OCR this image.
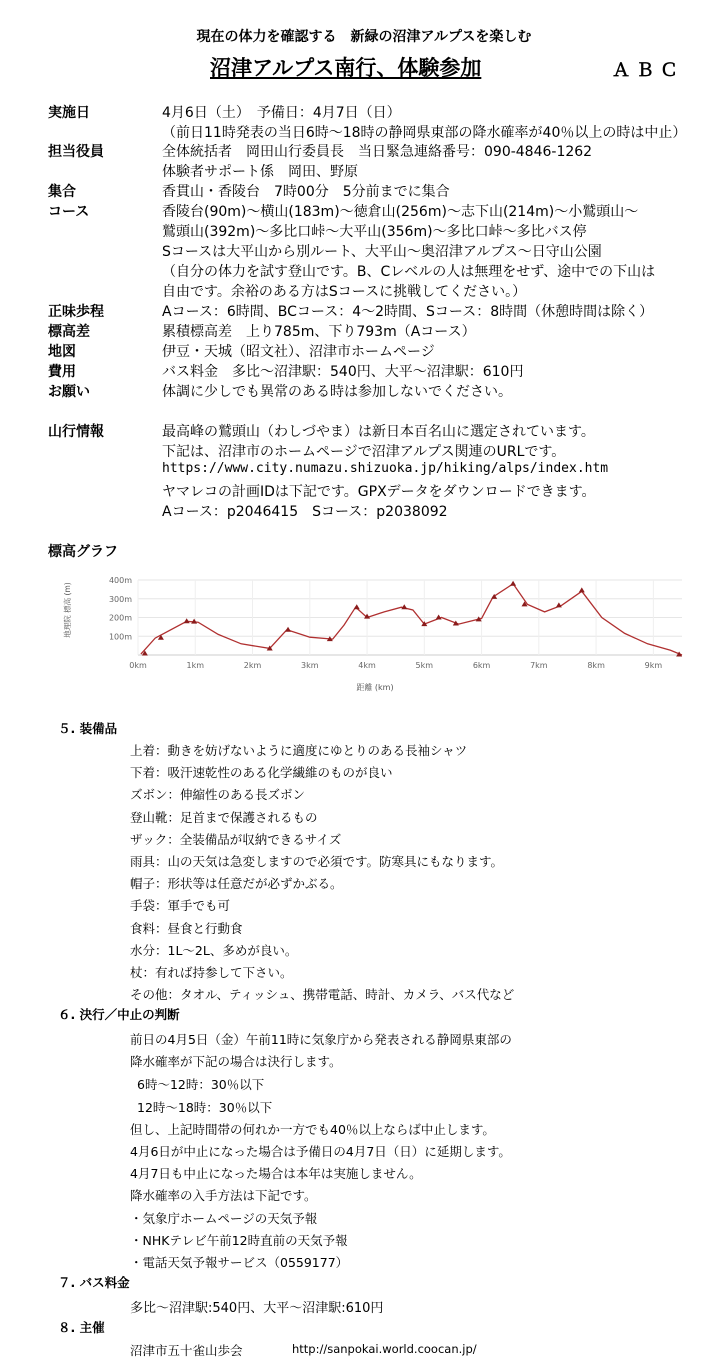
現在の体力を確認する　新緑の沼津アルプスを楽しむ
沼津アルプス南行、体験参加	ＡＢＣ
実施日	4月6日（土）　予備日：4月7日（日）
（前日11時発表の当日6時～18時の静岡県東部の降水確率が40％以上の時は中止）
担当役員	全体統括者　岡田山行委員長　当日緊急連絡番号：090-4846-1262
体験者サポート係　岡田、野原
集合	香貫山・香陵台　7時00分　5分前までに集合
コース	香陵台(90m)～横山(183m)～徳倉山(256m)～志下山(214m)～小鷲頭山～
鷲頭山(392m)～多比口峠～大平山(356m)～多比口峠～多比バス停
Sコースは大平山から別ルート、大平山～奥沼津アルプス～日守山公園
（自分の体力を試す登山です。B、Cレベルの人は無理をせず、途中での下山は
自由です。余裕のある方はSコースに挑戦してください。）
正味歩程	Aコース：6時間、BCコース：4～2時間、Sコース：8時間（休憩時間は除く）
標高差	累積標高差　上り785m、下り793m（Aコース）
地図	伊豆・天城（昭文社）、沼津市ホームページ
費用	バス料金　多比～沼津駅：540円、大平～沼津駅：610円
お願い	体調に少しでも異常のある時は参加しないでください。
山行情報	最高峰の鷲頭山（わしづやま）は新日本百名山に選定されています。
下記は、沼津市のホームページで沼津アルプス関連のURLです。
https://www.city.numazu.shizuoka.jp/hiking/alps/index.htm
ヤマレコの計画IDは下記です。GPXデータをダウンロードできます。
Aコース：p2046415　Sコース：p2038092
標高グラフ
400m
300m
200m
100m
0km	1km	2km	3km	4km	5km	6km	7km	8km	9km
距離 (km)
地理院 標高 (m)
５. 装備品
上着：動きを妨げないように適度にゆとりのある長袖シャツ
下着：吸汗速乾性のある化学繊維のものが良い
ズボン：伸縮性のある長ズボン
登山靴：足首まで保護されるもの
ザック：全装備品が収納できるサイズ
雨具：山の天気は急変しますので必須です。防寒具にもなります。
帽子：形状等は任意だが必ずかぶる。
手袋：軍手でも可
食料：昼食と行動食
水分：1L～2L、多めが良い。
杖：有れば持参して下さい。
その他：タオル、ティッシュ、携帯電話、時計、カメラ、バス代など
６. 決行／中止の判断
前日の4月5日（金）午前11時に気象庁から発表される静岡県東部の
降水確率が下記の場合は決行します。
6時～12時：30％以下
12時～18時：30％以下
但し、上記時間帯の何れか一方でも40％以上ならば中止します。
4月6日が中止になった場合は予備日の4月7日（日）に延期します。
4月7日も中止になった場合は本年は実施しません。
降水確率の入手方法は下記です。
・気象庁ホームページの天気予報
・NHKテレビ午前12時直前の天気予報
・電話天気予報サービス（0559177）
７. バス料金
多比～沼津駅:540円、大平～沼津駅:610円
８. 主催
沼津市五十雀山歩会	http://sanpokai.world.coocan.jp/
